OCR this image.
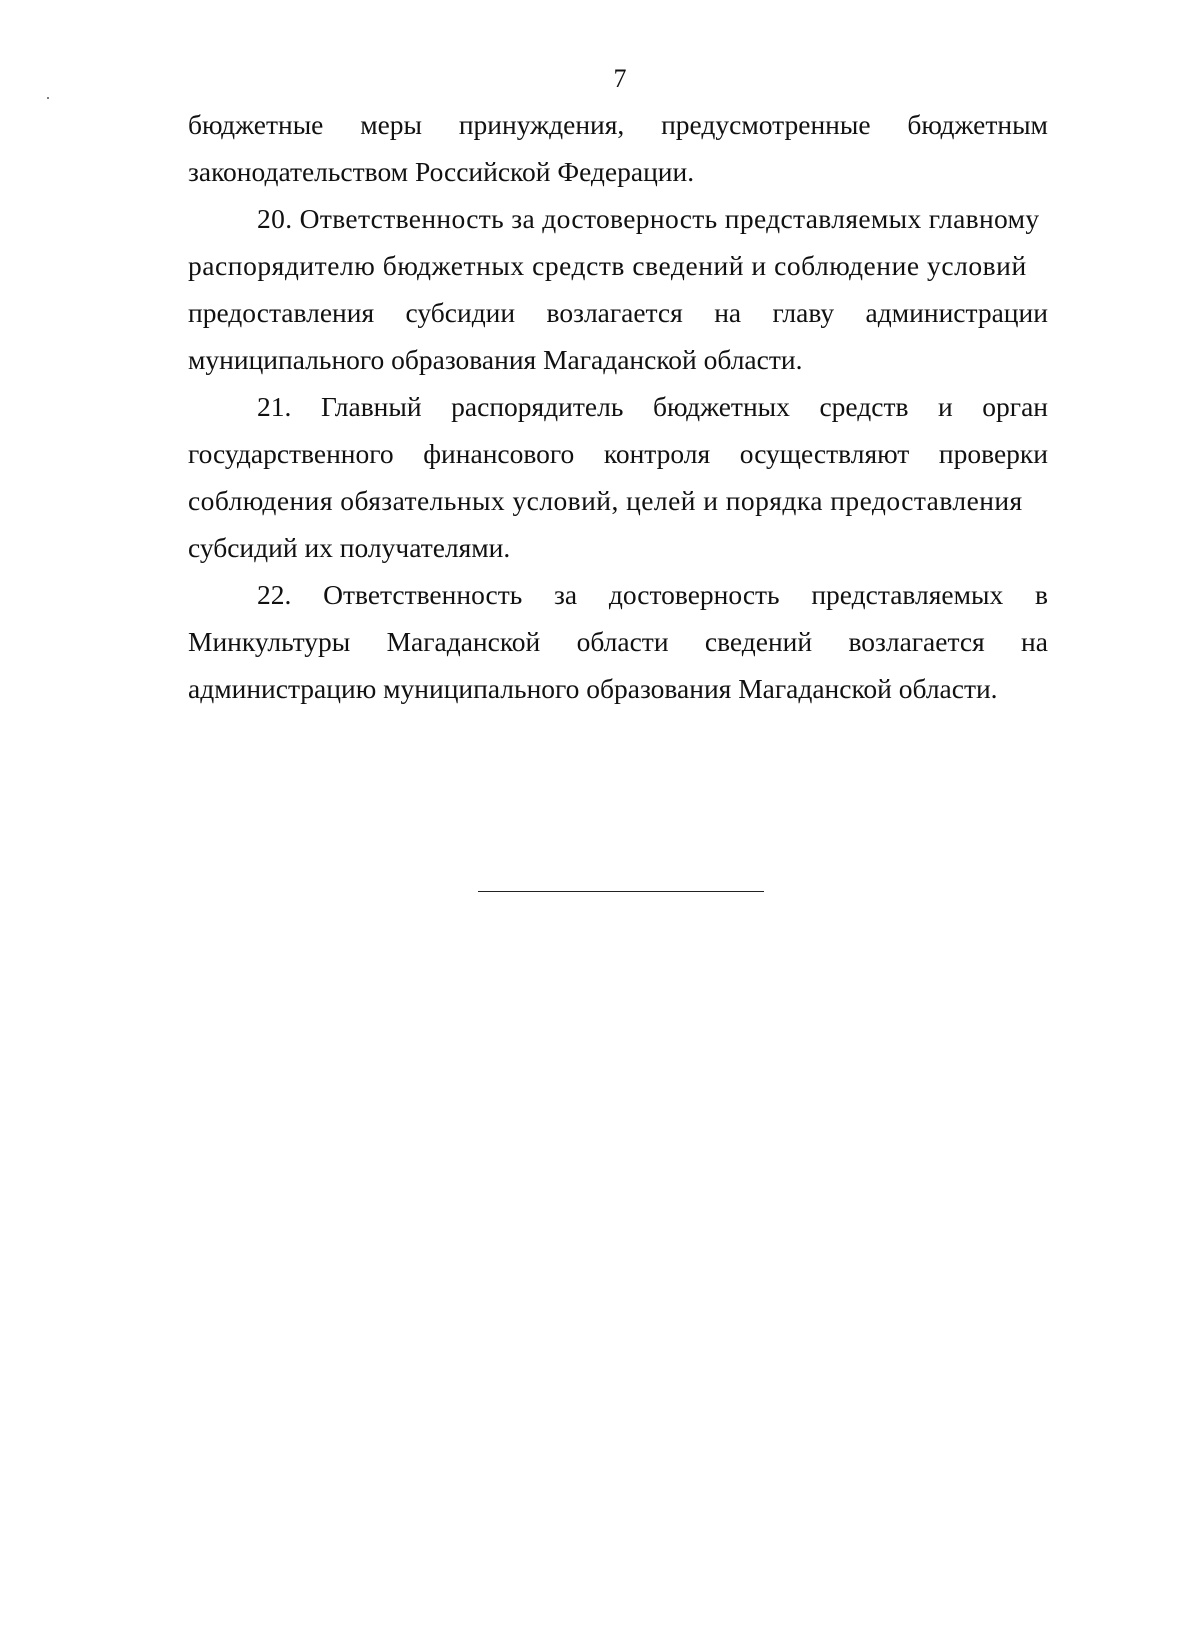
7
бюджетные меры принуждения, предусмотренные бюджетным
законодательством Российской Федерации.
20. Ответственность за достоверность представляемых главному
распорядителю бюджетных средств сведений и соблюдение условий
предоставления субсидии возлагается на главу администрации
муниципального образования Магаданской области.
21. Главный распорядитель бюджетных средств и орган
государственного финансового контроля осуществляют проверки
соблюдения обязательных условий, целей и порядка предоставления
субсидий их получателями.
22. Ответственность за достоверность представляемых в
Минкультуры Магаданской области сведений возлагается на
администрацию муниципального образования Магаданской области.
